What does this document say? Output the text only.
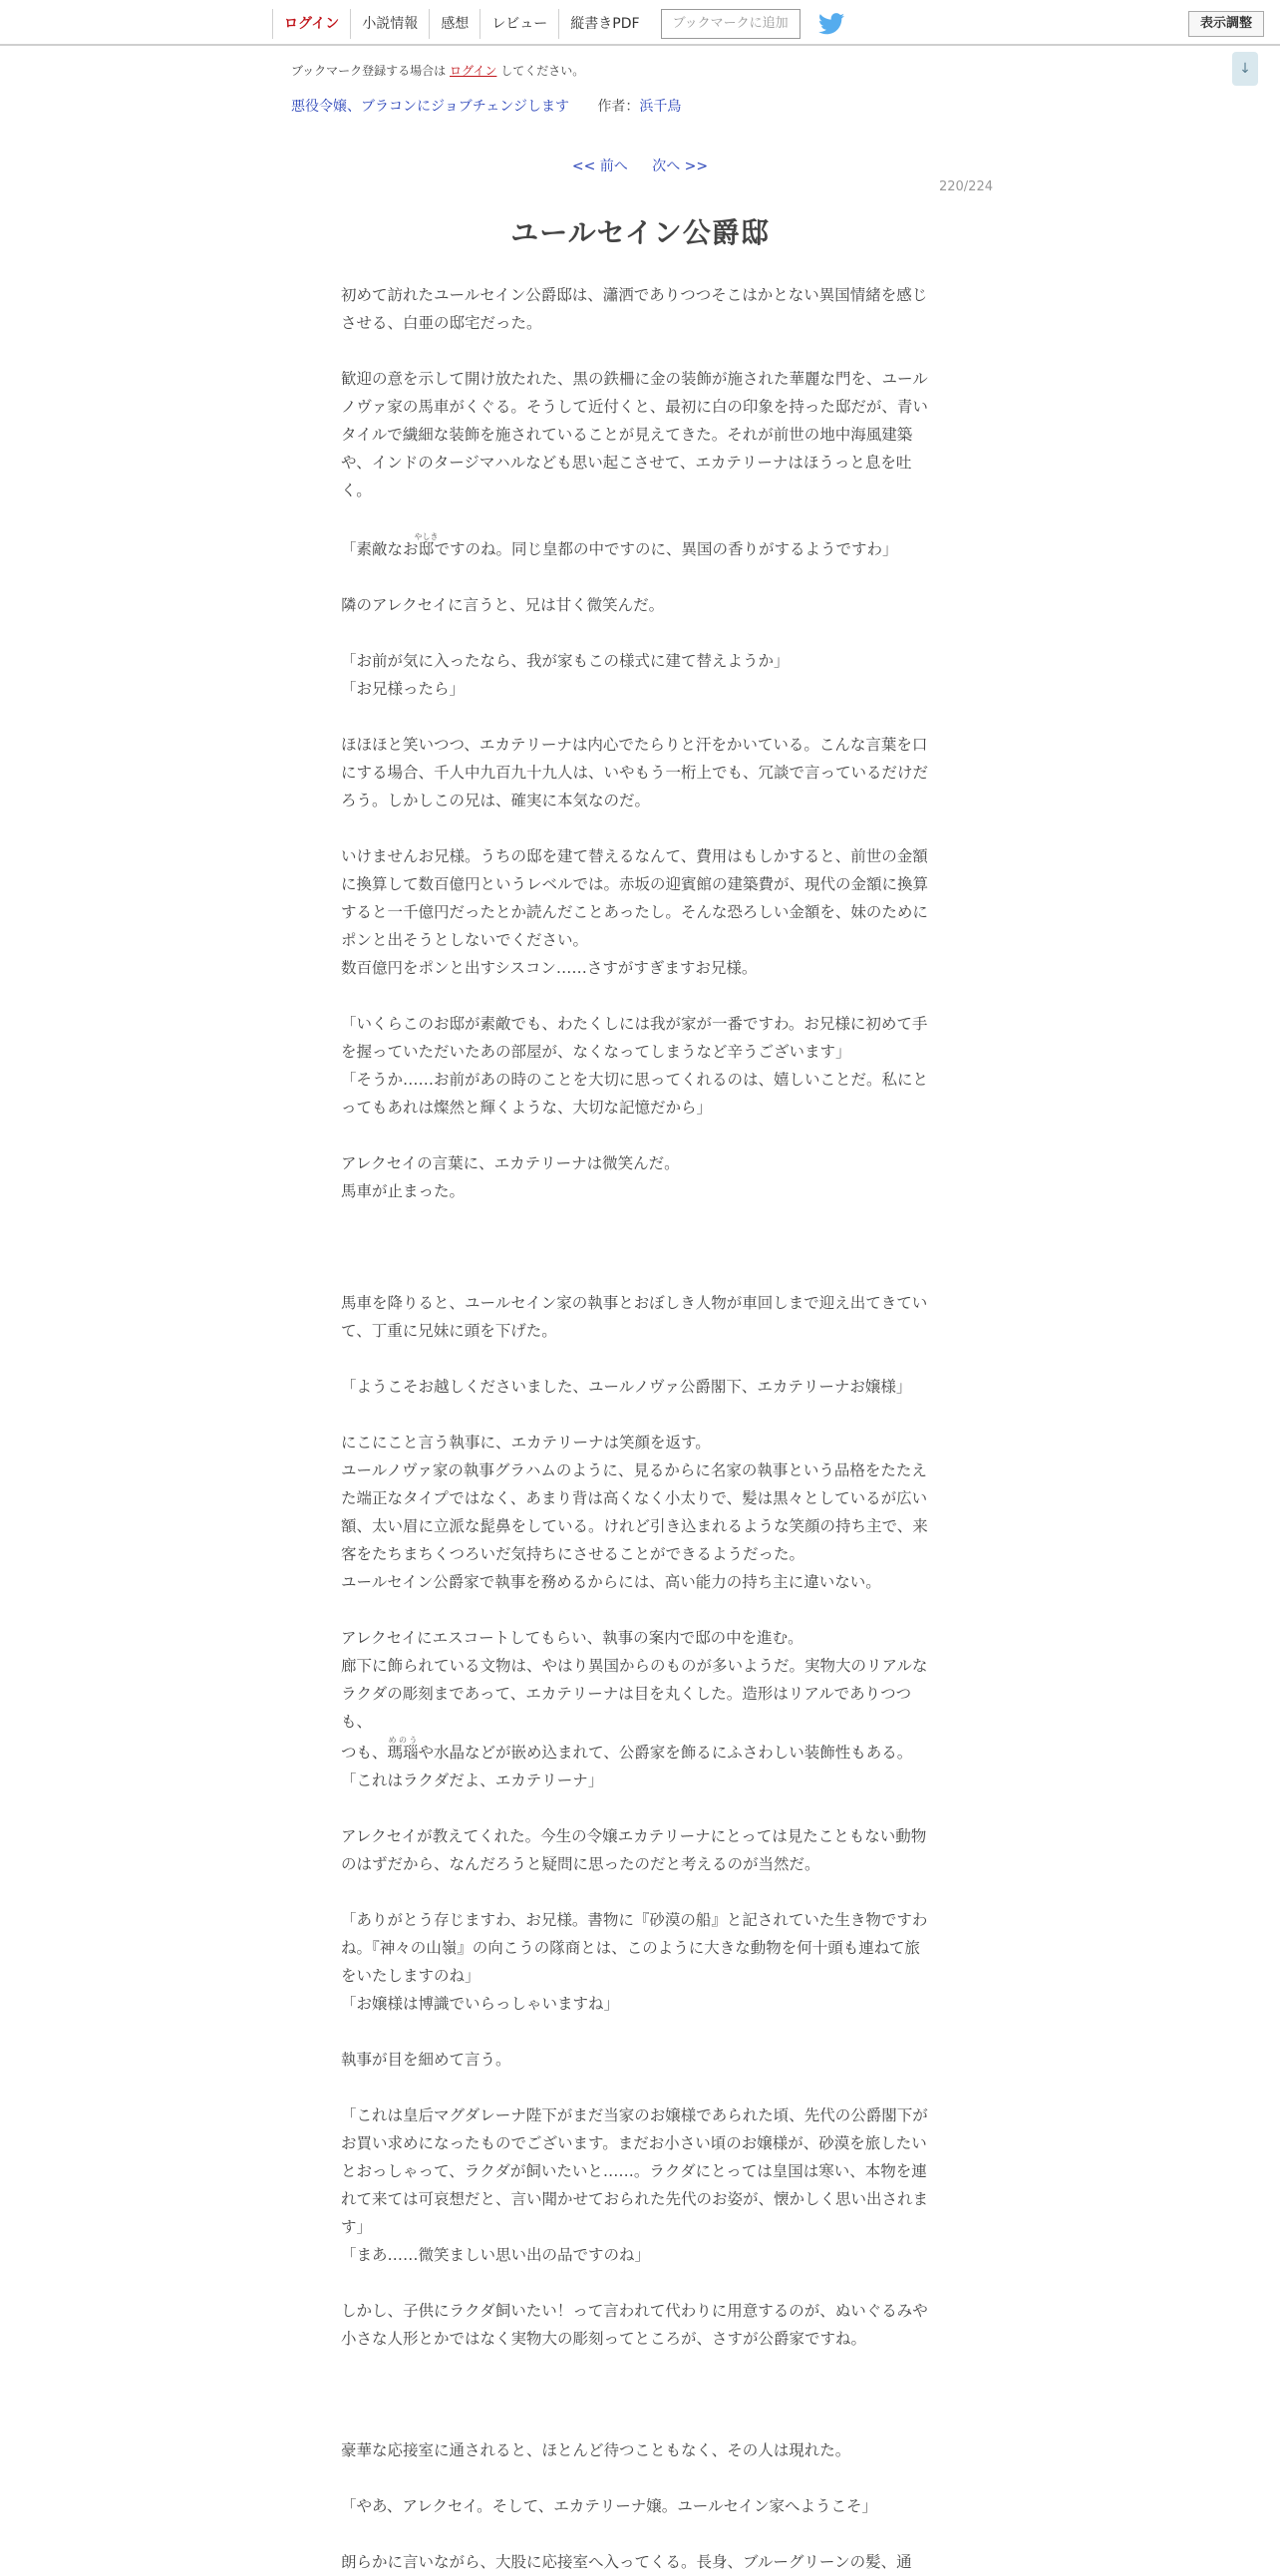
ログイン	小説情報	感想	レビュー	縦書きPDF	ブックマークに追加	表示調整
↓
ブックマーク登録する場合は ログイン してください。
悪役令嬢、ブラコンにジョブチェンジします 作者：浜千鳥
<< 前へ 次へ >>
220/224
ユールセイン公爵邸

初めて訪れたユールセイン公爵邸は、瀟洒でありつつそこはかとない異国情緒を感じさせる、白亜の邸宅だった。

歓迎の意を示して開け放たれた、黒の鉄柵に金の装飾が施された華麗な門を、ユールノヴァ家の馬車がくぐる。そうして近付くと、最初に白の印象を持った邸だが、青いタイルで繊細な装飾を施されていることが見えてきた。それが前世の地中海風建築や、インドのタージマハルなども思い起こさせて、エカテリーナはほうっと息を吐く。

「素敵なお邸やしきですのね。同じ皇都の中ですのに、異国の香りがするようですわ」

隣のアレクセイに言うと、兄は甘く微笑んだ。

「お前が気に入ったなら、我が家もこの様式に建て替えようか」

「お兄様ったら」

ほほほと笑いつつ、エカテリーナは内心でたらりと汗をかいている。こんな言葉を口にする場合、千人中九百九十九人は、いやもう一桁上でも、冗談で言っているだけだろう。しかしこの兄は、確実に本気なのだ。

いけませんお兄様。うちの邸を建て替えるなんて、費用はもしかすると、前世の金額に換算して数百億円というレベルでは。赤坂の迎賓館の建築費が、現代の金額に換算すると一千億円だったとか読んだことあったし。そんな恐ろしい金額を、妹のためにポンと出そうとしないでください。

数百億円をポンと出すシスコン……さすがすぎますお兄様。

「いくらこのお邸が素敵でも、わたくしには我が家が一番ですわ。お兄様に初めて手を握っていただいたあの部屋が、なくなってしまうなど辛うございます」

「そうか……お前があの時のことを大切に思ってくれるのは、嬉しいことだ。私にとってもあれは燦然と輝くような、大切な記憶だから」

アレクセイの言葉に、エカテリーナは微笑んだ。

馬車が止まった。

馬車を降りると、ユールセイン家の執事とおぼしき人物が車回しまで迎え出てきていて、丁重に兄妹に頭を下げた。

「ようこそお越しくださいました、ユールノヴァ公爵閣下、エカテリーナお嬢様」

にこにこと言う執事に、エカテリーナは笑顔を返す。

ユールノヴァ家の執事グラハムのように、見るからに名家の執事という品格をたたえた端正なタイプではなく、あまり背は高くなく小太りで、髪は黒々としているが広い額、太い眉に立派な髭鼻をしている。けれど引き込まれるような笑顔の持ち主で、来客をたちまちくつろいだ気持ちにさせることができるようだった。

ユールセイン公爵家で執事を務めるからには、高い能力の持ち主に違いない。

アレクセイにエスコートしてもらい、執事の案内で邸の中を進む。

廊下に飾られている文物は、やはり異国からのものが多いようだ。実物大のリアルなラクダの彫刻まであって、エカテリーナは目を丸くした。造形はリアルでありつつも、

つも、瑪瑙めのうや水晶などが嵌め込まれて、公爵家を飾るにふさわしい装飾性もある。

「これはラクダだよ、エカテリーナ」

アレクセイが教えてくれた。今生の令嬢エカテリーナにとっては見たこともない動物のはずだから、なんだろうと疑問に思ったのだと考えるのが当然だ。

「ありがとう存じますわ、お兄様。書物に『砂漠の船』と記されていた生き物ですわね。『神々の山嶺』の向こうの隊商とは、このように大きな動物を何十頭も連ねて旅をいたしますのね」

「お嬢様は博識でいらっしゃいますね」

執事が目を細めて言う。

「これは皇后マグダレーナ陛下がまだ当家のお嬢様であられた頃、先代の公爵閣下がお買い求めになったものでございます。まだお小さい頃のお嬢様が、砂漠を旅したいとおっしゃって、ラクダが飼いたいと……。ラクダにとっては皇国は寒い、本物を連れて来ては可哀想だと、言い聞かせておられた先代のお姿が、懐かしく思い出されます」

「まあ……微笑ましい思い出の品ですのね」

しかし、子供にラクダ飼いたい！って言われて代わりに用意するのが、ぬいぐるみや小さな人形とかではなく実物大の彫刻ってところが、さすが公爵家ですね。

豪華な応接室に通されると、ほとんど待つこともなく、その人は現れた。

「やあ、アレクセイ。そして、エカテリーナ嬢。ユールセイン家へようこそ」

朗らかに言いながら、大股に応接室へ入ってくる。長身、ブルーグリーンの髪、通
